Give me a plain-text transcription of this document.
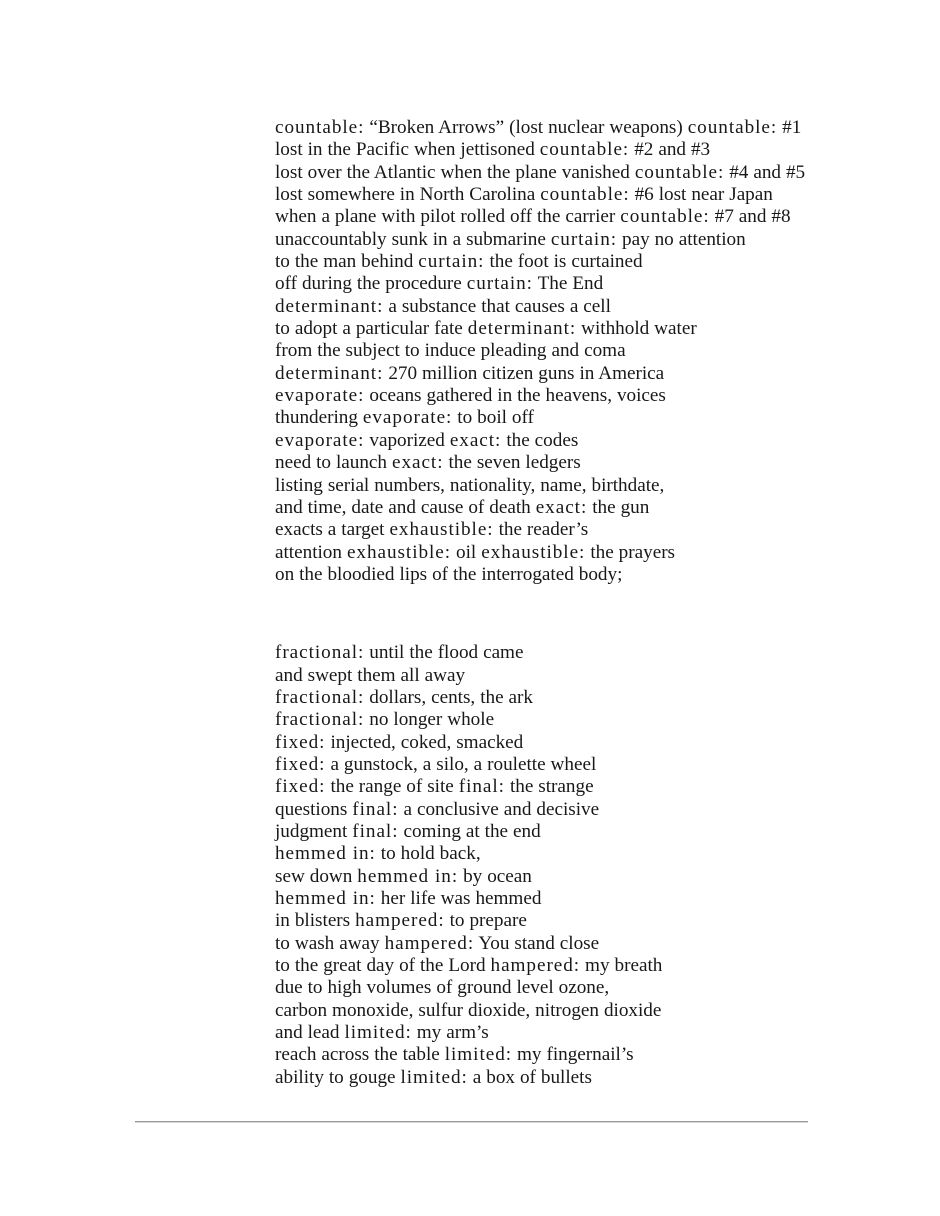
countable: “Broken Arrows” (lost nuclear weapons) countable: #1
lost in the Pacific when jettisoned countable: #2 and #3
lost over the Atlantic when the plane vanished countable: #4 and #5
lost somewhere in North Carolina countable: #6 lost near Japan
when a plane with pilot rolled off the carrier countable: #7 and #8
unaccountably sunk in a submarine curtain: pay no attention
to the man behind curtain: the foot is curtained
off during the procedure curtain: The End
determinant: a substance that causes a cell
to adopt a particular fate determinant: withhold water
from the subject to induce pleading and coma
determinant: 270 million citizen guns in America
evaporate: oceans gathered in the heavens, voices
thundering evaporate: to boil off
evaporate: vaporized exact: the codes
need to launch exact: the seven ledgers
listing serial numbers, nationality, name, birthdate,
and time, date and cause of death exact: the gun
exacts a target exhaustible: the reader’s
attention exhaustible: oil exhaustible: the prayers
on the bloodied lips of the interrogated body;
fractional: until the flood came
and swept them all away
fractional: dollars, cents, the ark
fractional: no longer whole
fixed: injected, coked, smacked
fixed: a gunstock, a silo, a roulette wheel
fixed: the range of site final: the strange
questions final: a conclusive and decisive
judgment final: coming at the end
hemmed in: to hold back,
sew down hemmed in: by ocean
hemmed in: her life was hemmed
in blisters hampered: to prepare
to wash away hampered: You stand close
to the great day of the Lord hampered: my breath
due to high volumes of ground level ozone,
carbon monoxide, sulfur dioxide, nitrogen dioxide
and lead limited: my arm’s
reach across the table limited: my fingernail’s
ability to gouge limited: a box of bullets
